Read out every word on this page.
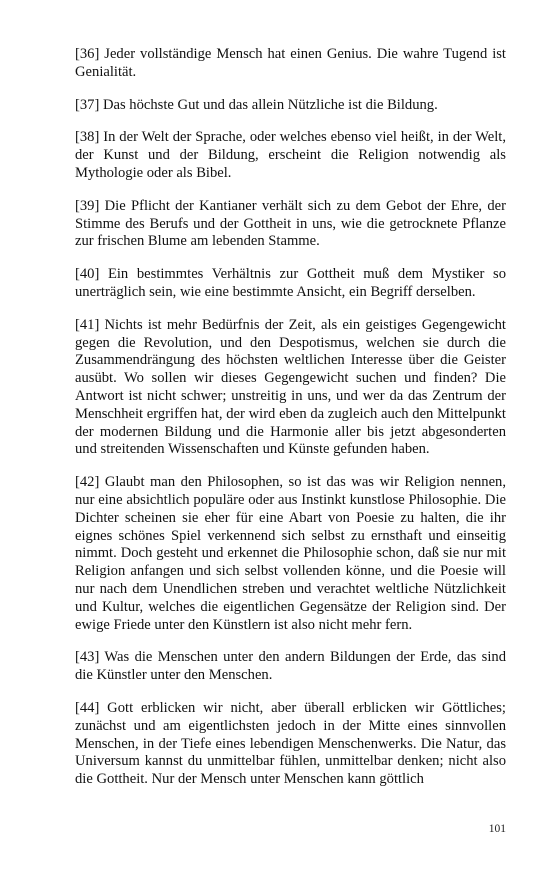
[36] Jeder vollständige Mensch hat einen Genius. Die wahre Tugend ist Genialität.

[37] Das höchste Gut und das allein Nützliche ist die Bildung.

[38] In der Welt der Sprache, oder welches ebenso viel heißt, in der Welt, der Kunst und der Bildung, erscheint die Religion notwendig als Mythologie oder als Bibel.

[39] Die Pflicht der Kantianer verhält sich zu dem Gebot der Ehre, der Stimme des Berufs und der Gottheit in uns, wie die getrocknete Pflanze zur frischen Blume am lebenden Stamme.

[40] Ein bestimmtes Verhältnis zur Gottheit muß dem Mystiker so unerträglich sein, wie eine bestimmte Ansicht, ein Begriff derselben.

[41] Nichts ist mehr Bedürfnis der Zeit, als ein geistiges Gegengewicht gegen die Revolution, und den Despotismus, welchen sie durch die Zusammendrängung des höchsten weltlichen Interesse über die Geister ausübt. Wo sollen wir dieses Gegengewicht suchen und finden? Die Antwort ist nicht schwer; unstreitig in uns, und wer da das Zentrum der Menschheit ergriffen hat, der wird eben da zugleich auch den Mittelpunkt der modernen Bildung und die Harmonie aller bis jetzt abgesonderten und streitenden Wissenschaften und Künste gefunden haben.

[42] Glaubt man den Philosophen, so ist das was wir Religion nennen, nur eine absichtlich populäre oder aus Instinkt kunstlose Philosophie. Die Dichter scheinen sie eher für eine Abart von Poesie zu halten, die ihr eignes schönes Spiel verkennend sich selbst zu ernsthaft und einseitig nimmt. Doch gesteht und erkennet die Philosophie schon, daß sie nur mit Religion anfangen und sich selbst vollenden könne, und die Poesie will nur nach dem Unendlichen streben und verachtet weltliche Nützlichkeit und Kultur, welches die eigentlichen Gegensätze der Religion sind. Der ewige Friede unter den Künstlern ist also nicht mehr fern.

[43] Was die Menschen unter den andern Bildungen der Erde, das sind die Künstler unter den Menschen.

[44] Gott erblicken wir nicht, aber überall erblicken wir Göttliches; zunächst und am eigentlichsten jedoch in der Mitte eines sinnvollen Menschen, in der Tiefe eines lebendigen Menschenwerks. Die Natur, das Universum kannst du unmittelbar fühlen, unmittelbar denken; nicht also die Gottheit. Nur der Mensch unter Menschen kann göttlich

101
